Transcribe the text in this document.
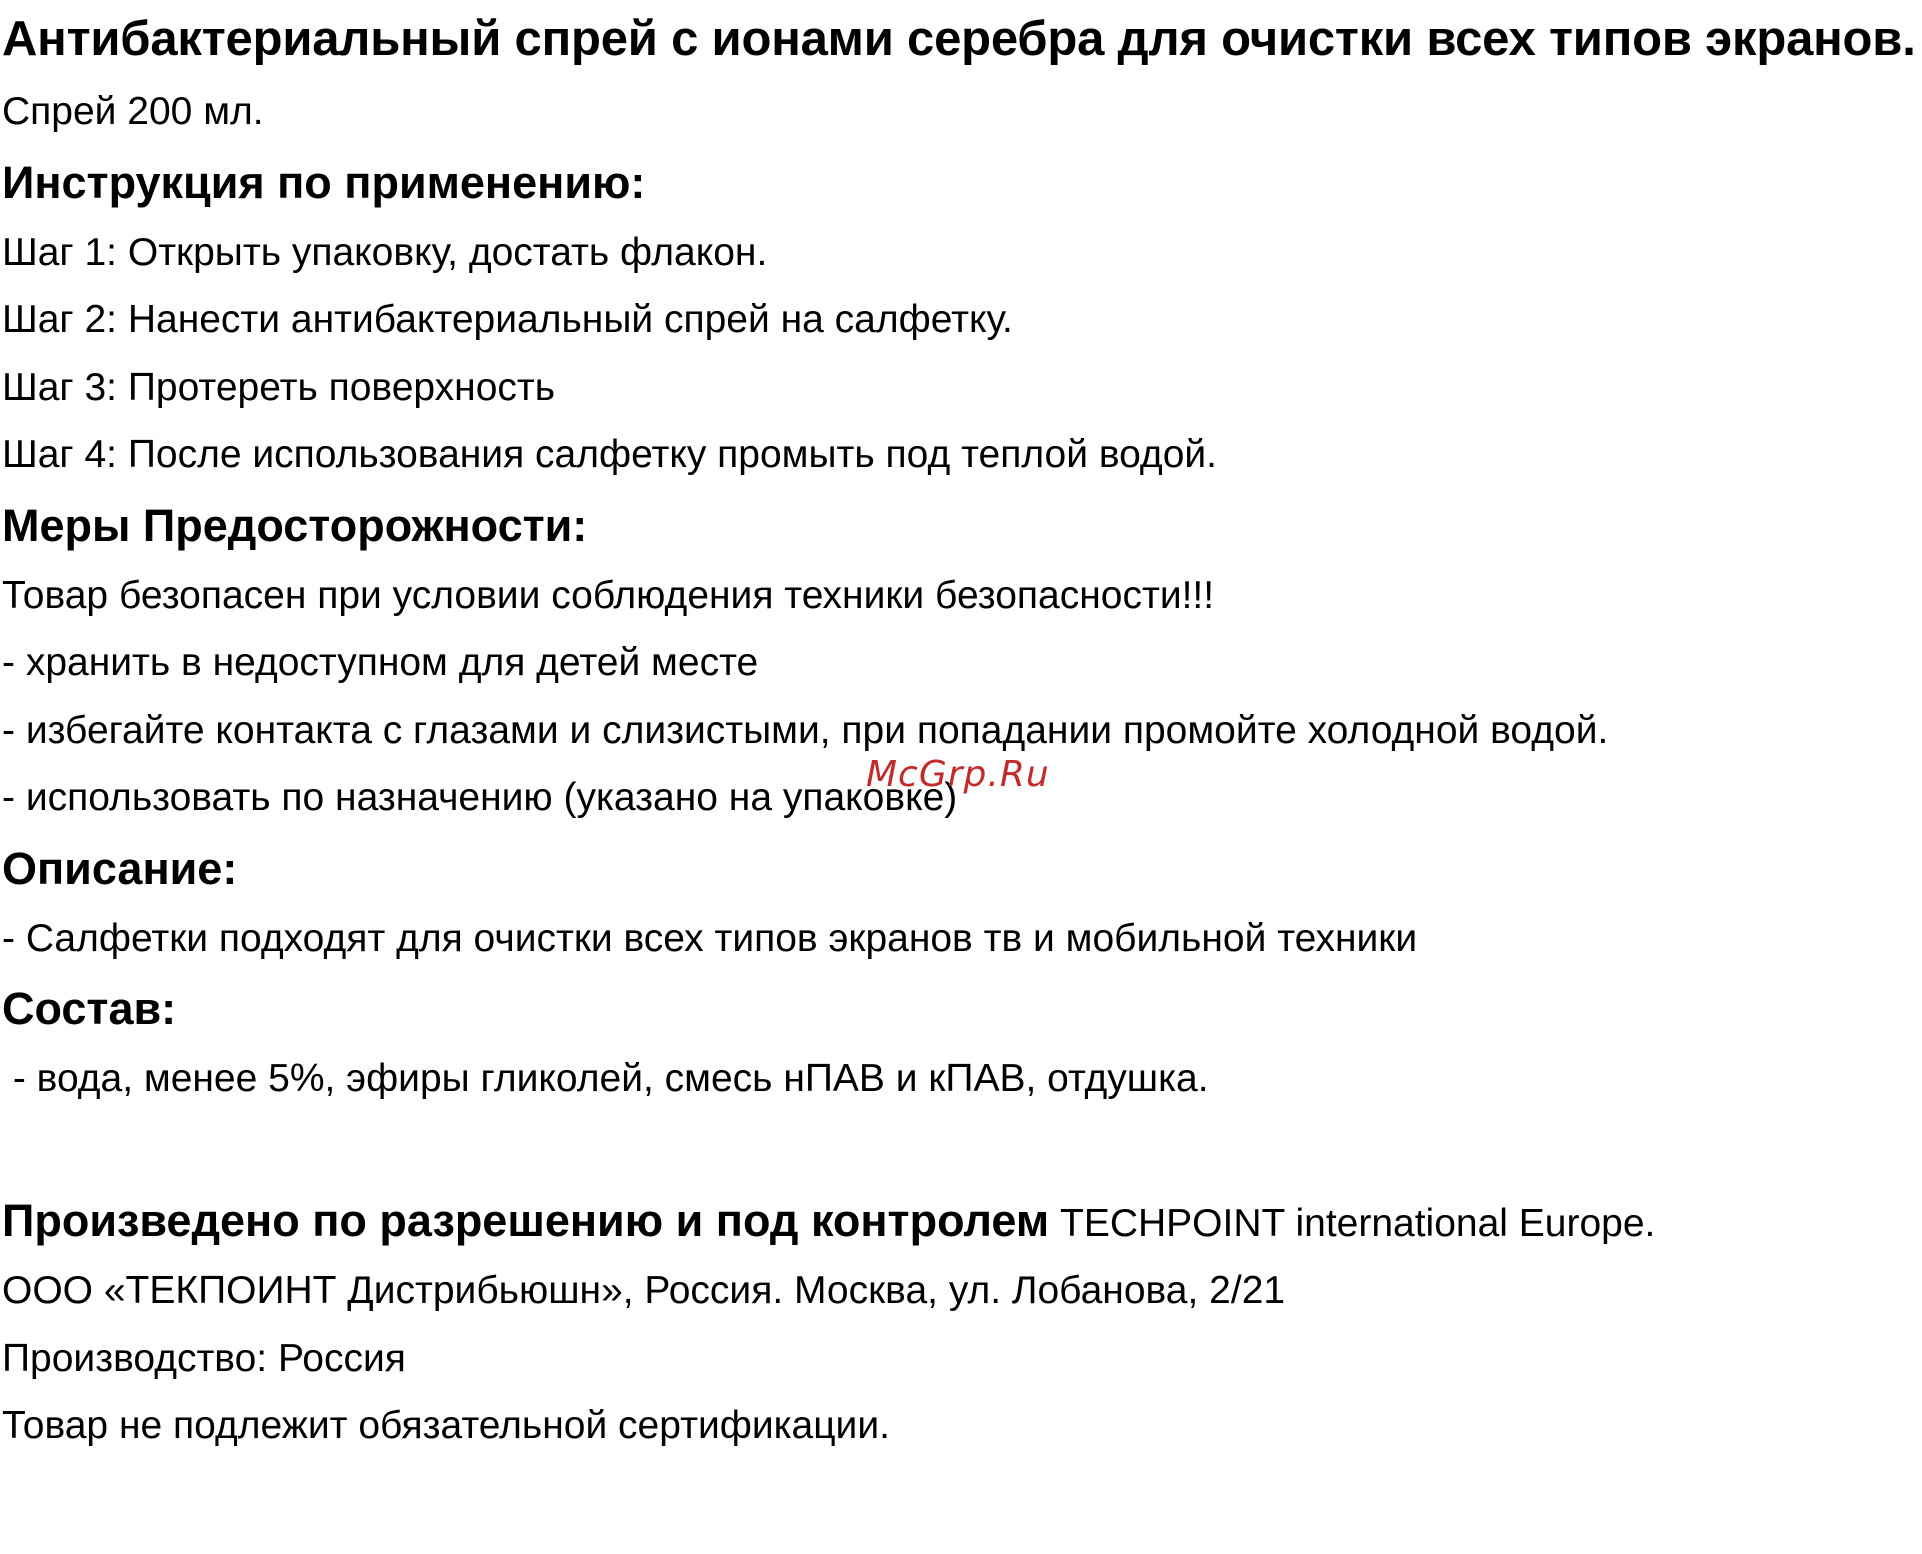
Антибактериальный спрей с ионами серебра для очистки всех типов экранов.

Спрей 200 мл.

Инструкция по применению:

Шаг 1: Открыть упаковку, достать флакон.

Шаг 2: Нанести антибактериальный спрей на салфетку.

Шаг 3: Протереть поверхность

Шаг 4: После использования салфетку промыть под теплой водой.

Меры Предосторожности:

Товар безопасен при условии соблюдения техники безопасности!!!

- хранить в недоступном для детей месте

- избегайте контакта с глазами и слизистыми, при попадании промойте холодной водой.

- использовать по назначению (указано на упаковке)

Описание:

- Салфетки подходят для очистки всех типов экранов тв и мобильной техники

Состав:

- вода, менее 5%, эфиры гликолей, смесь нПАВ и кПАВ, отдушка.

Произведено по разрешению и под контролем TECHPOINT international Europe.

ООО «ТЕКПОИНТ Дистрибьюшн», Россия. Москва, ул. Лобанова, 2/21

Производство: Россия

Товар не подлежит обязательной сертификации.

McGrp.Ru
